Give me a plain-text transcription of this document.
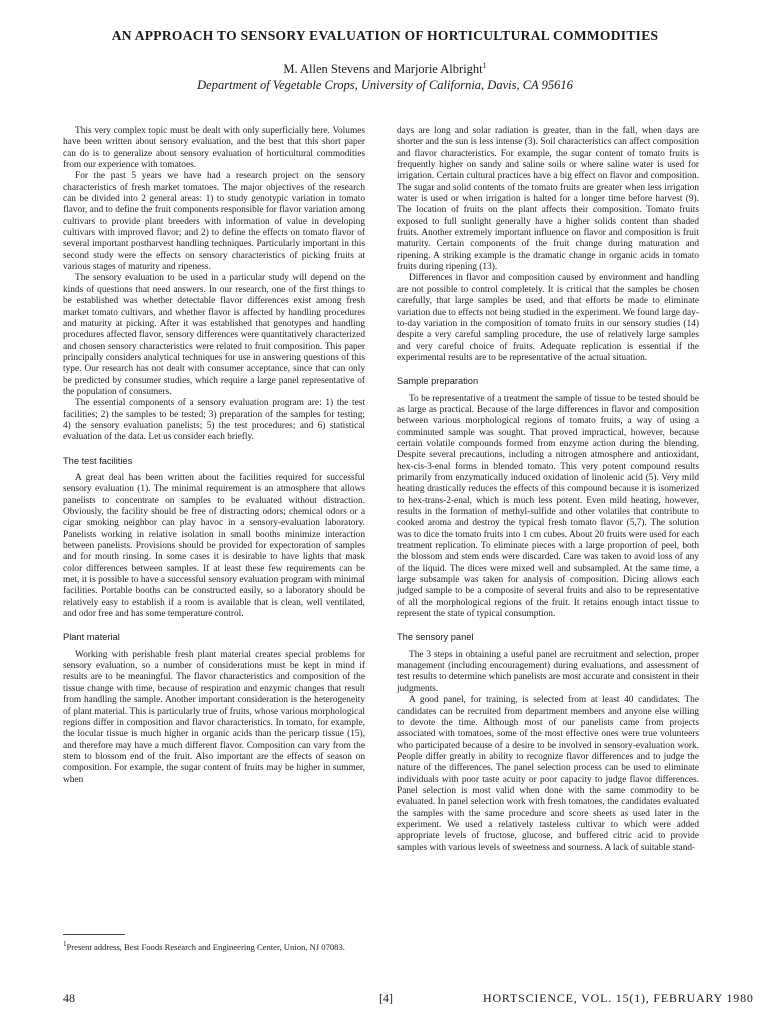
AN APPROACH TO SENSORY EVALUATION OF HORTICULTURAL COMMODITIES
M. Allen Stevens and Marjorie Albright$^1$
Department of Vegetable Crops, University of California, Davis, CA 95616

This very complex topic must be dealt with only superficially here. Volumes have been written about sensory evaluation, and the best that this short paper can do is to generalize about sensory evaluation of horticultural commodities from our experience with tomatoes.

For the past 5 years we have had a research project on the sensory characteristics of fresh market tomatoes. The major objectives of the research can be divided into 2 general areas: 1) to study genotypic variation in tomato flavor, and to define the fruit components responsible for flavor variation among cultivars to provide plant breeders with information of value in developing cultivars with improved flavor; and 2) to define the effects on tomato flavor of several important postharvest handling techniques. Particularly important in this second study were the effects on sensory characteristics of picking fruits at various stages of maturity and ripeness.

The sensory evaluation to be used in a particular study will depend on the kinds of questions that need answers. In our research, one of the first things to be established was whether detectable flavor differences exist among fresh market tomato cultivars, and whether flavor is affected by handling procedures and maturity at picking. After it was established that genotypes and handling procedures affected flavor, sensory differences were quantitatively characterized and chosen sensory characteristics were related to fruit composition. This paper principally considers analytical techniques for use in answering questions of this type. Our research has not dealt with consumer acceptance, since that can only be predicted by consumer studies, which require a large panel representative of the population of consumers.

The essential components of a sensory evaluation program are: 1) the test facilities; 2) the samples to be tested; 3) preparation of the samples for testing; 4) the sensory evaluation panelists; 5) the test procedures; and 6) statistical evaluation of the data. Let us consider each briefly.

The test facilities

A great deal has been written about the facilities required for successful sensory evaluation (1). The minimal requirement is an atmosphere that allows panelists to concentrate on samples to be evaluated without distraction. Obviously, the facility should be free of distracting odors; chemical odors or a cigar smoking neighbor can play havoc in a sensory-evaluation laboratory. Panelists working in relative isolation in small booths minimize interaction between panelists. Provisions should be provided for expectoration of samples and for mouth rinsing. In some cases it is desirable to have lights that mask color differences between samples. If at least these few requirements can be met, it is possible to have a successful sensory evaluation program with minimal facilities. Portable booths can be constructed easily, so a laboratory should be relatively easy to establish if a room is available that is clean, well ventilated, and odor free and has some temperature control.

Plant material

Working with perishable fresh plant material creates special problems for sensory evaluation, so a number of considerations must be kept in mind if results are to be meaningful. The flavor characteristics and composition of the tissue change with time, because of respiration and enzymic changes that result from handling the sample. Another important consideration is the heterogeneity of plant material. This is particularly true of fruits, whose various morphological regions differ in composition and flavor characteristics. In tomato, for example, the locular tissue is much higher in organic acids than the pericarp tissue (15), and therefore may have a much different flavor. Composition can vary from the stem to blossom end of the fruit. Also important are the effects of season on composition. For example, the sugar content of fruits may be higher in summer, when

days are long and solar radiation is greater, than in the fall, when days are shorter and the sun is less intense (3). Soil characteristics can affect composition and flavor characteristics. For example, the sugar content of tomato fruits is frequently higher on sandy and saline soils or where saline water is used for irrigation. Certain cultural practices have a big effect on flavor and composition. The sugar and solid contents of the tomato fruits are greater when less irrigation water is used or when irrigation is halted for a longer time before harvest (9). The location of fruits on the plant affects their composition. Tomato fruits exposed to full sunlight generally have a higher solids content than shaded fruits. Another extremely important influence on flavor and composition is fruit maturity. Certain components of the fruit change during maturation and ripening. A striking example is the dramatic change in organic acids in tomato fruits during ripening (13).

Differences in flavor and composition caused by environment and handling are not possible to control completely. It is critical that the samples be chosen carefully, that large samples be used, and that efforts be made to eliminate variation due to effects not being studied in the experiment. We found large day-to-day variation in the composition of tomato fruits in our sensory studies (14) despite a very careful sampling procedure, the use of relatively large samples and very careful choice of fruits. Adequate replication is essential if the experimental results are to be representative of the actual situation.

Sample preparation

To be representative of a treatment the sample of tissue to be tested should be as large as practical. Because of the large differences in flavor and composition between various morphological regions of tomato fruits, a way of using a comminuted sample was sought. That proved impractical, however, because certain volatile compounds formed from enzyme action during the blending. Despite several precautions, including a nitrogen atmosphere and antioxidant, hex-cis-3-enal forms in blended tomato. This very potent compound results primarily from enzymatically induced oxidation of linolenic acid (5). Very mild heating drastically reduces the effects of this compound because it is isomerized to hex-trans-2-enal, which is much less potent. Even mild heating, however, results in the formation of methyl-sulfide and other volatiles that contribute to cooked aroma and destroy the typical fresh tomato flavor (5,7). The solution was to dice the tomato fruits into 1 cm cubes. About 20 fruits were used for each treatment replication. To eliminate pieces with a large proportion of peel, both the blossom and stem ends were discarded. Care was taken to avoid loss of any of the liquid. The dices were mixed well and subsampled. At the same time, a large subsample was taken for analysis of composition. Dicing allows each judged sample to be a composite of several fruits and also to be representative of all the morphological regions of the fruit. It retains enough intact tissue to represent the state of typical consumption.

The sensory panel

The 3 steps in obtaining a useful panel are recruitment and selection, proper management (including encouragement) during evaluations, and assessment of test results to determine which panelists are most accurate and consistent in their judgments.

A good panel, for training, is selected from at least 40 candidates. The candidates can be recruited from department members and anyone else willing to devote the time. Although most of our panelists came from projects associated with tomatoes, some of the most effective ones were true volunteers who participated because of a desire to be involved in sensory-evaluation work. People differ greatly in ability to recognize flavor differences and to judge the nature of the differences. The panel selection process can be used to eliminate individuals with poor taste acuity or poor capacity to judge flavor differences. Panel selection is most valid when done with the same commodity to be evaluated. In panel selection work with fresh tomatoes, the candidates evaluated the samples with the same procedure and score sheets as used later in the experiment. We used a relatively tasteless cultivar to which were added appropriate levels of fructose, glucose, and buffered citric acid to provide samples with various levels of sweetness and sourness. A lack of suitable stand-

$^1$Present address, Best Foods Research and Engineering Center, Union, NJ 07083.
48	[4]	HORTSCIENCE, VOL. 15(1), FEBRUARY 1980
